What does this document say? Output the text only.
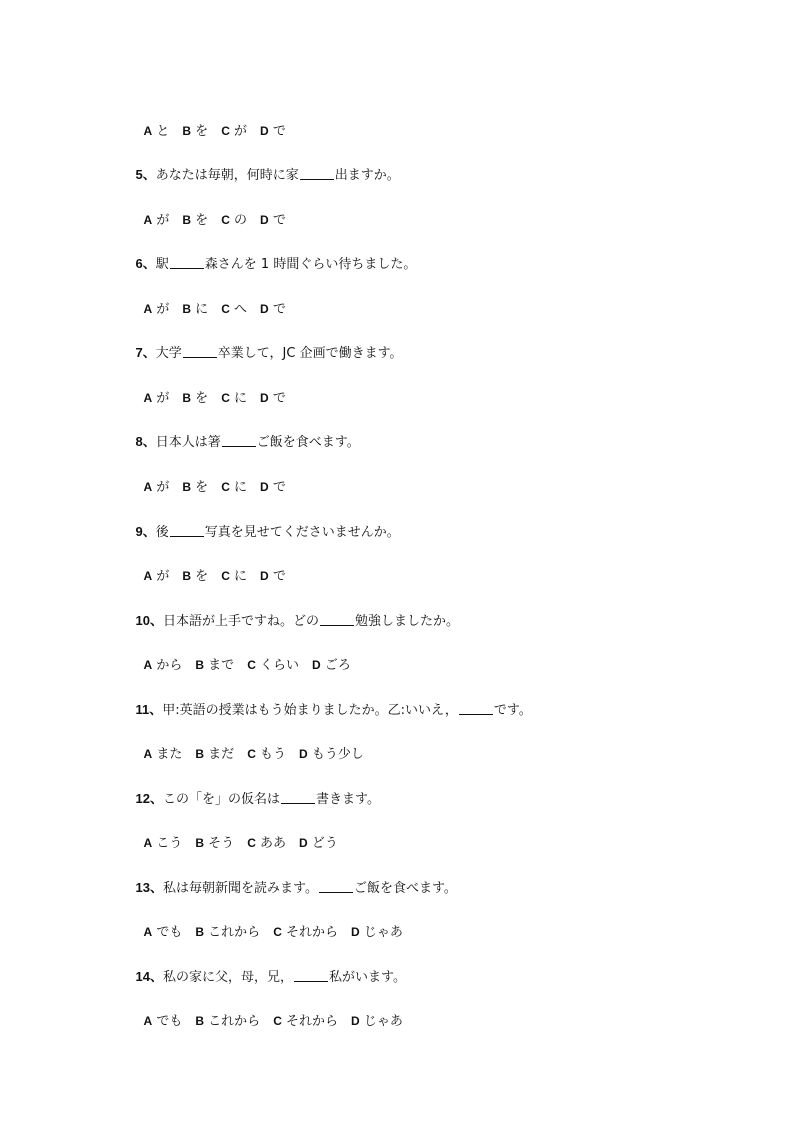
A と B を C が D で

5、あなたは毎朝，何時に家	出ますか。

A が B を C の D で

6、駅	森さんを 1 時間ぐらい待ちました。

A が B に C へ D で

7、大学	卒業して，JC 企画で働きます。

A が B を C に D で

8、日本人は箸	ご飯を食べます。

A が B を C に D で

9、後	写真を見せてくださいませんか。

A が B を C に D で

10、日本語が上手ですね。どの	勉強しましたか。

A から B まで C くらい D ごろ

11、甲:英語の授業はもう始まりましたか。乙:いいえ，	です。

A また B まだ C もう D もう少し

12、この「を」の仮名は	書きます。

A こう B そう C ああ D どう

13、私は毎朝新聞を読みます。	ご飯を食べます。

A でも B これから C それから D じゃあ

14、私の家に父，母，兄，	私がいます。

A でも B これから C それから D じゃあ
